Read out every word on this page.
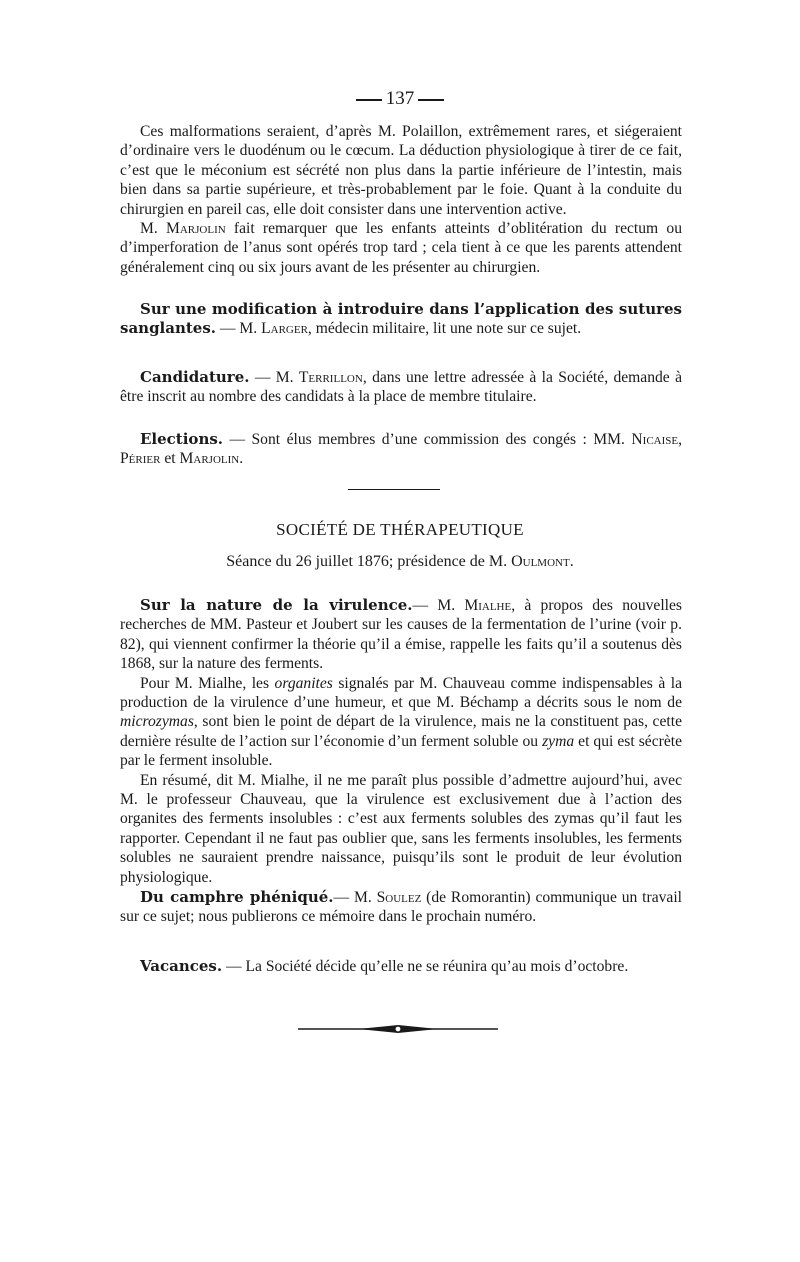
137

Ces malformations seraient, d’après M. Polaillon, extrêmement rares, et siégeraient d’ordinaire vers le duodénum ou le cœcum. La déduction physiologique à tirer de ce fait, c’est que le méconium est sécrété non plus dans la partie inférieure de l’intestin, mais bien dans sa partie supérieure, et très-probablement par le foie. Quant à la conduite du chirurgien en pareil cas, elle doit consister dans une intervention active.

M. Marjolin fait remarquer que les enfants atteints d’oblitération du rectum ou d’imperforation de l’anus sont opérés trop tard ; cela tient à ce que les parents attendent généralement cinq ou six jours avant de les présenter au chirurgien.

Sur une modification à introduire dans l’application des sutures sanglantes. — M. Larger, médecin militaire, lit une note sur ce sujet.

Candidature. — M. Terrillon, dans une lettre adressée à la Société, demande à être inscrit au nombre des candidats à la place de membre titulaire.

Elections. — Sont élus membres d’une commission des congés : MM. Nicaise, Périer et Marjolin.

SOCIÉTÉ DE THÉRAPEUTIQUE
Séance du 26 juillet 1876; présidence de M. Oulmont.

Sur la nature de la virulence.— M. Mialhe, à propos des nouvelles recherches de MM. Pasteur et Joubert sur les causes de la fermentation de l’urine (voir p. 82), qui viennent confirmer la théorie qu’il a émise, rappelle les faits qu’il a soutenus dès 1868, sur la nature des ferments.

Pour M. Mialhe, les organites signalés par M. Chauveau comme indispensables à la production de la virulence d’une humeur, et que M. Béchamp a décrits sous le nom de microzymas, sont bien le point de départ de la virulence, mais ne la constituent pas, cette dernière résulte de l’action sur l’économie d’un ferment soluble ou zyma et qui est sécrète par le ferment insoluble.

En résumé, dit M. Mialhe, il ne me paraît plus possible d’admettre aujourd’hui, avec M. le professeur Chauveau, que la virulence est exclusivement due à l’action des organites des ferments insolubles : c’est aux ferments solubles des zymas qu’il faut les rapporter. Cependant il ne faut pas oublier que, sans les ferments insolubles, les ferments solubles ne sauraient prendre naissance, puisqu’ils sont le produit de leur évolution physiologique.

Du camphre phéniqué.— M. Soulez (de Romorantin) communique un travail sur ce sujet; nous publierons ce mémoire dans le prochain numéro.

Vacances. — La Société décide qu’elle ne se réunira qu’au mois d’octobre.
